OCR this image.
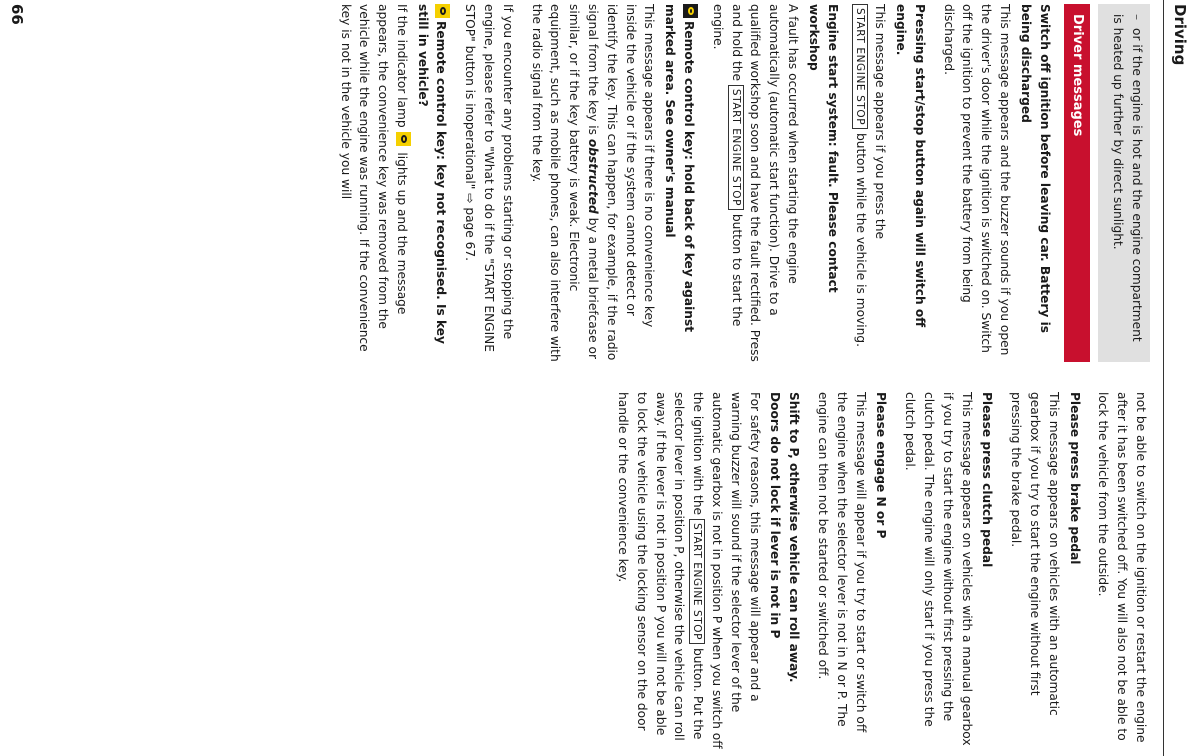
Driving
–or if the engine is hot and the engine compartment is heated up further by direct sunlight.
Driver messages
Switch off ignition before leaving car. Battery is being discharged

This message appears and the buzzer sounds if you open the driver's door while the ignition is switched on. Switch off the ignition to prevent the battery from being discharged.

Pressing start/stop button again will switch off engine.

This message appears if you press the START ENGINE STOP button while the vehicle is moving.

Engine start system: fault. Please contact workshop

A fault has occurred when starting the engine automatically (automatic start function). Drive to a qualified workshop soon and have the fault rectified. Press and hold the START ENGINE STOP button to start the engine.

Remote control key: hold back of key against marked area. See owner's manual

This message appears if there is no convenience key inside the vehicle or if the system cannot detect or identify the key. This can happen, for example, if the radio signal from the key is obstructed by a metal briefcase or similar, or if the key battery is weak. Electronic equipment, such as mobile phones, can also interfere with the radio signal from the key.

If you encounter any problems starting or stopping the engine, please refer to "What to do if the "START ENGINE STOP" button is inoperational" ⇨ page 67.

Remote control key: key not recognised. Is key still in vehicle?

If the indicator lamp  lights up and the message appears, the convenience key was removed from the vehicle while the engine was running. If the convenience key is not in the vehicle you will

not be able to switch on the ignition or restart the engine after it has been switched off. You will also not be able to lock the vehicle from the outside.

Please press brake pedal

This message appears on vehicles with an automatic gearbox if you try to start the engine without first pressing the brake pedal.

Please press clutch pedal

This message appears on vehicles with a manual gearbox if you try to start the engine without first pressing the clutch pedal. The engine will only start if you press the clutch pedal.

Please engage N or P

This message will appear if you try to start or switch off the engine when the selector lever is not in N or P. The engine can then not be started or switched off.

Shift to P, otherwise vehicle can roll away.
Doors do not lock if lever is not in P

For safety reasons, this message will appear and a warning buzzer will sound if the selector lever of the automatic gearbox is not in position P when you switch off the ignition with the START ENGINE STOP button. Put the selector lever in position P, otherwise the vehicle can roll away. If the lever is not in position P you will not be able to lock the vehicle using the locking sensor on the door handle or the convenience key.

66
